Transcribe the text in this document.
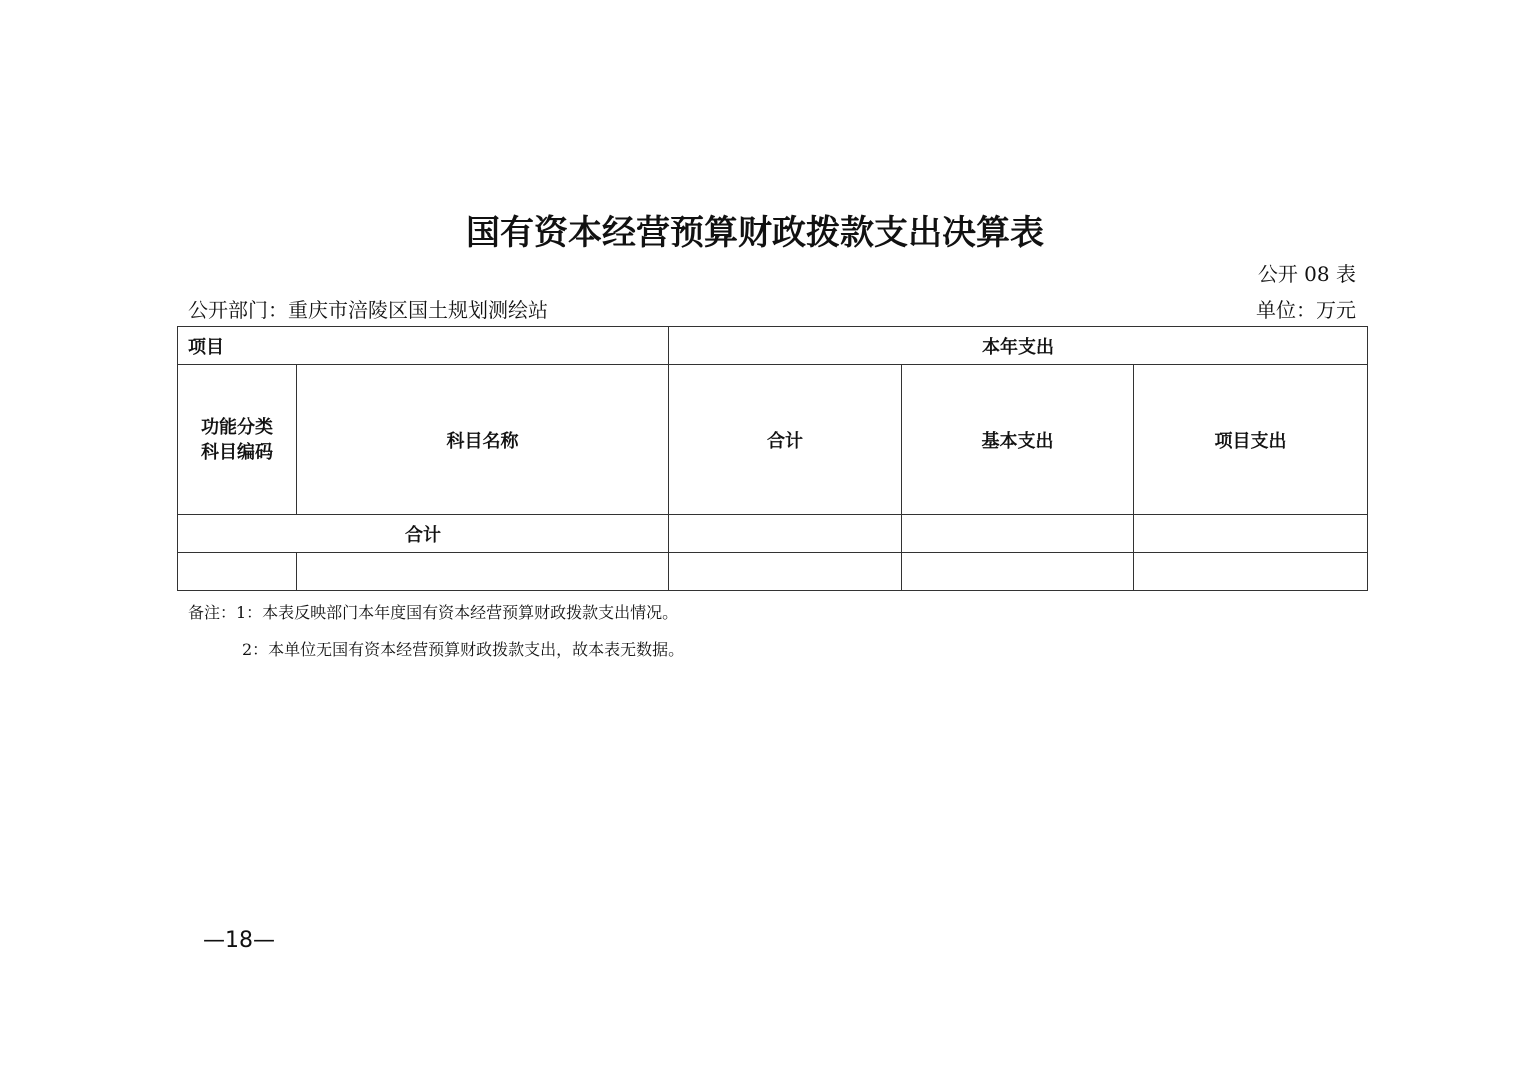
国有资本经营预算财政拨款支出决算表
公开 08 表
公开部门：重庆市涪陵区国土规划测绘站	单位：万元
项目		本年支出		

功能分类科目编码	科目名称	合计	基本支出	项目支出
合计				

备注：1：本表反映部门本年度国有资本经营预算财政拨款支出情况。
2：本单位无国有资本经营预算财政拨款支出，故本表无数据。
—18—
